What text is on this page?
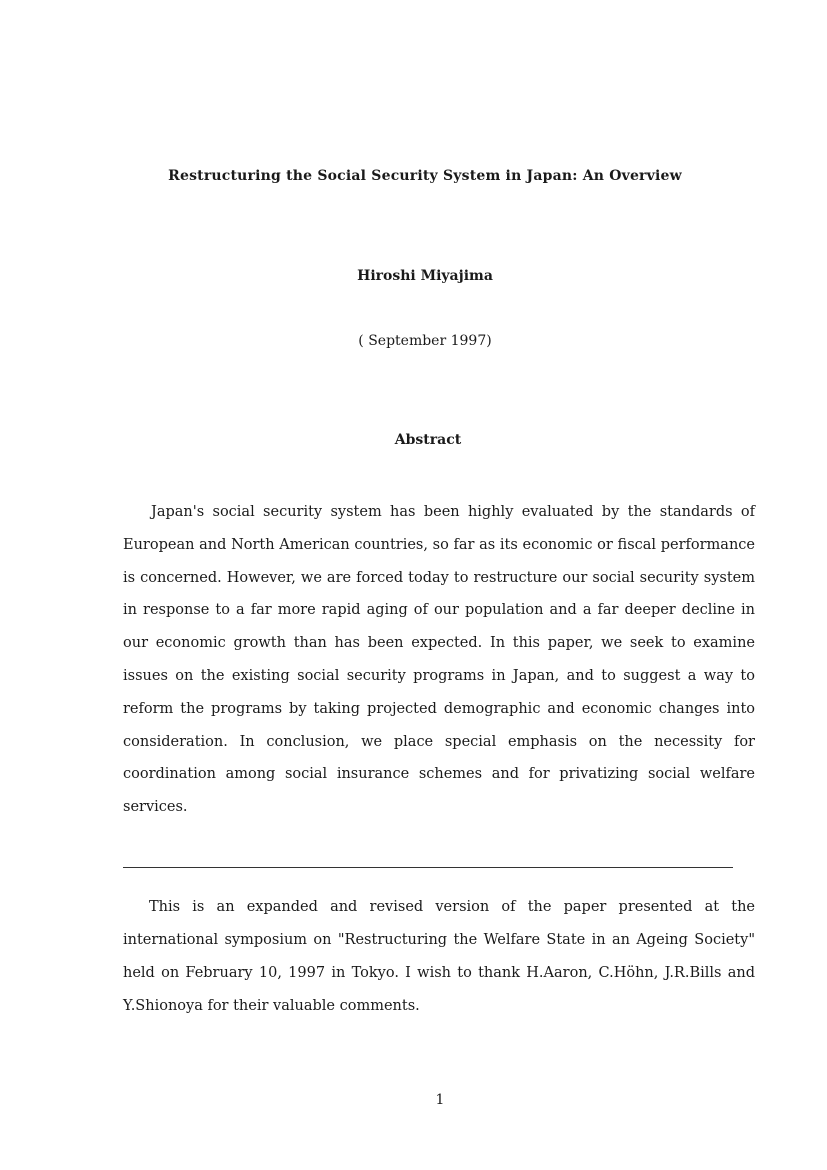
Restructuring the Social Security System in Japan: An Overview
Hiroshi Miyajima
( September 1997)
Abstract

Japan's social security system has been highly evaluated by the standards of European and North American countries, so far as its economic or fiscal performance is concerned. However, we are forced today to restructure our social security system in response to a far more rapid aging of our population and a far deeper decline in our economic growth than has been expected. In this paper, we seek to examine issues on the existing social security programs in Japan, and to suggest a way to reform the programs by taking projected demographic and economic changes into consideration. In conclusion, we place special emphasis on the necessity for coordination among social insurance schemes and for privatizing social welfare services.

This is an expanded and revised version of the paper presented at the international symposium on "Restructuring the Welfare State in an Ageing Society" held on February 10, 1997 in Tokyo. I wish to thank H.Aaron, C.Höhn, J.R.Bills and Y.Shionoya for their valuable comments.

1
